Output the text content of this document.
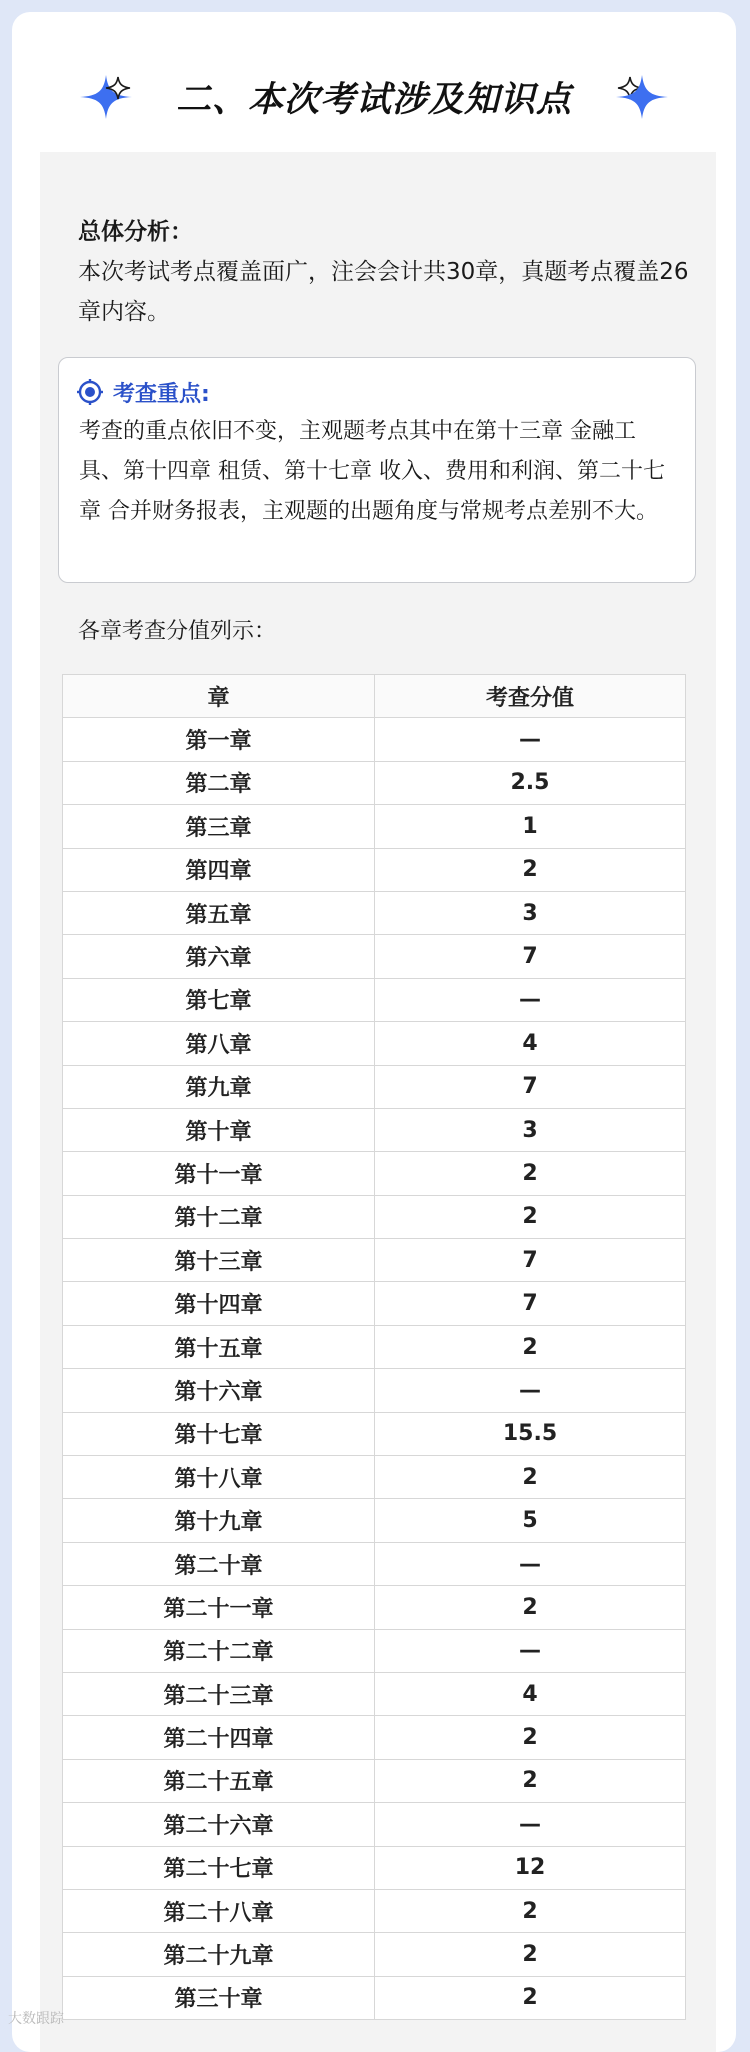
二、本次考试涉及知识点
总体分析：
本次考试考点覆盖面广，注会会计共30章，真题考点覆盖26章内容。
考查重点:
考查的重点依旧不变，主观题考点其中在第十三章 金融工具、第十四章 租赁、第十七章 收入、费用和利润、第二十七章 合并财务报表，主观题的出题角度与常规考点差别不大。
各章考查分值列示：
章	考查分值
第一章	—
第二章	2.5
第三章	1
第四章	2
第五章	3
第六章	7
第七章	—
第八章	4
第九章	7
第十章	3
第十一章	2
第十二章	2
第十三章	7
第十四章	7
第十五章	2
第十六章	—
第十七章	15.5
第十八章	2
第十九章	5
第二十章	—
第二十一章	2
第二十二章	—
第二十三章	4
第二十四章	2
第二十五章	2
第二十六章	—
第二十七章	12
第二十八章	2
第二十九章	2
第三十章	2
大数跟踪
